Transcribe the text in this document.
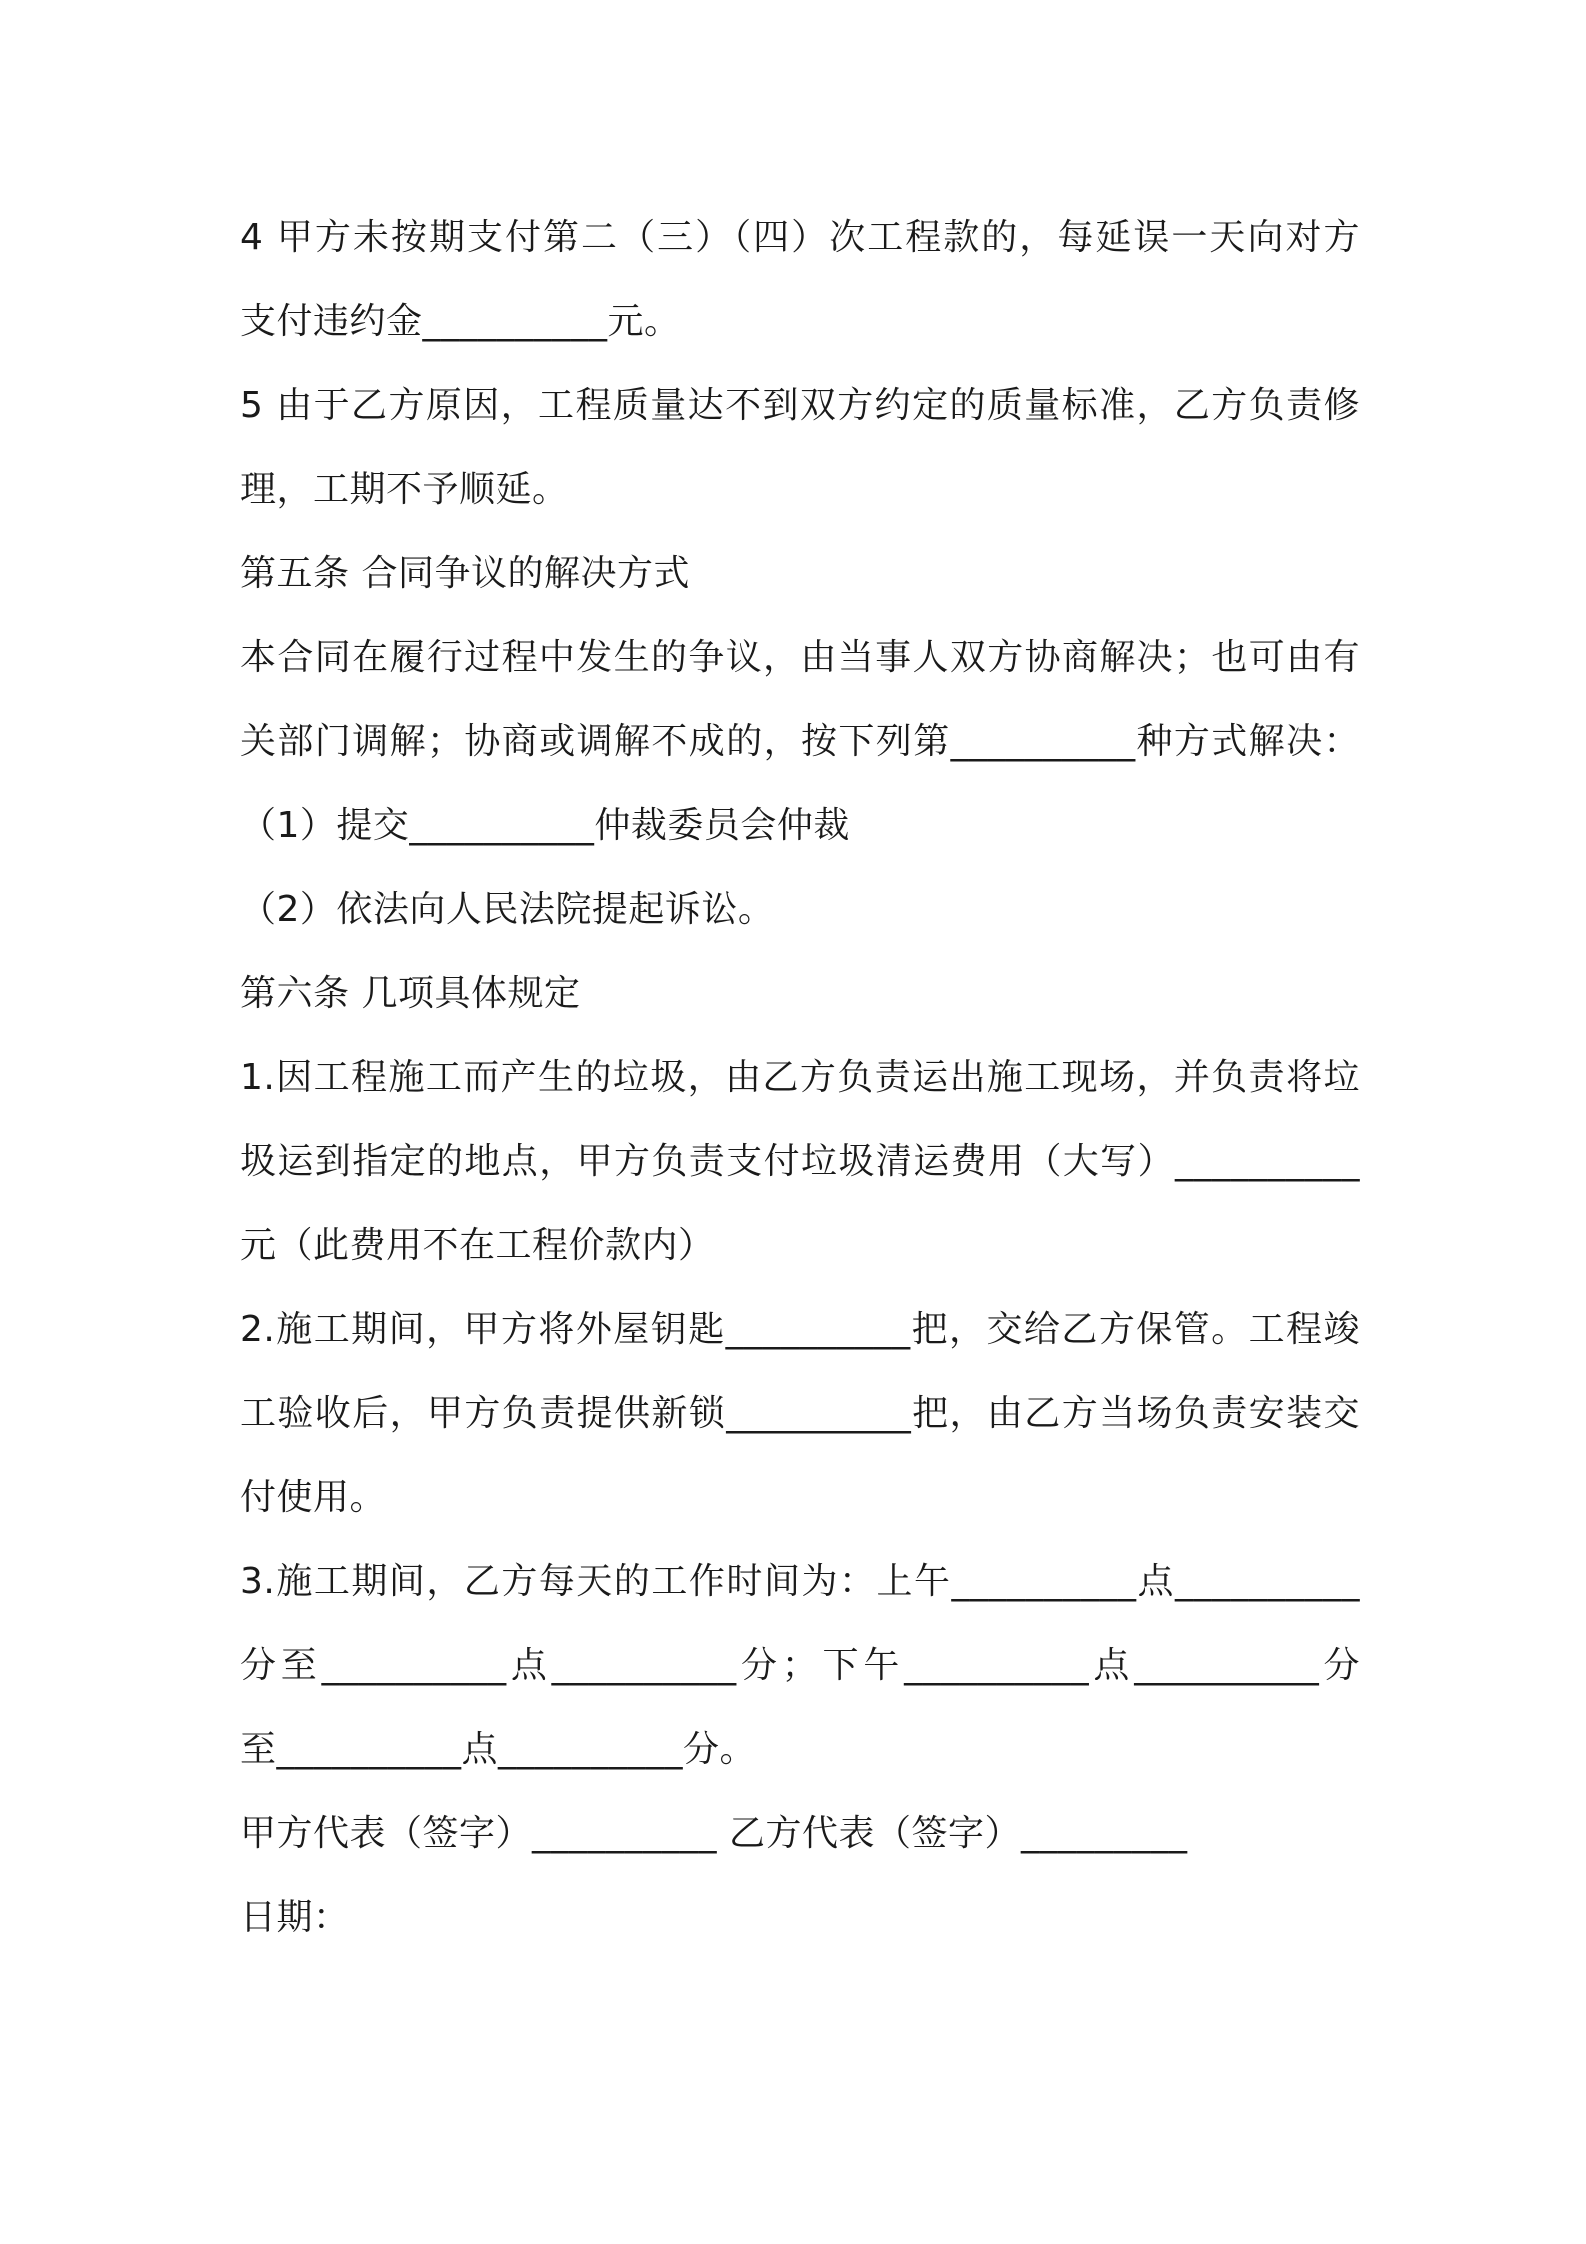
4 甲方未按期支付第二（三）（四）次工程款的，每延误一天向对方
支付违约金__________元。
5 由于乙方原因，工程质量达不到双方约定的质量标准，乙方负责修
理，工期不予顺延。
第五条 合同争议的解决方式
本合同在履行过程中发生的争议，由当事人双方协商解决；也可由有
关部门调解；协商或调解不成的，按下列第__________种方式解决：
（1）提交__________仲裁委员会仲裁
（2）依法向人民法院提起诉讼。
第六条 几项具体规定
1.因工程施工而产生的垃圾，由乙方负责运出施工现场，并负责将垃
圾运到指定的地点，甲方负责支付垃圾清运费用（大写）__________
元（此费用不在工程价款内）
2.施工期间，甲方将外屋钥匙__________把，交给乙方保管。工程竣
工验收后，甲方负责提供新锁__________把，由乙方当场负责安装交
付使用。
3.施工期间，乙方每天的工作时间为：上午__________点__________
分至__________点__________分；下午__________点__________分
至__________点__________分。
甲方代表（签字）__________ 乙方代表（签字）_________
日期：
